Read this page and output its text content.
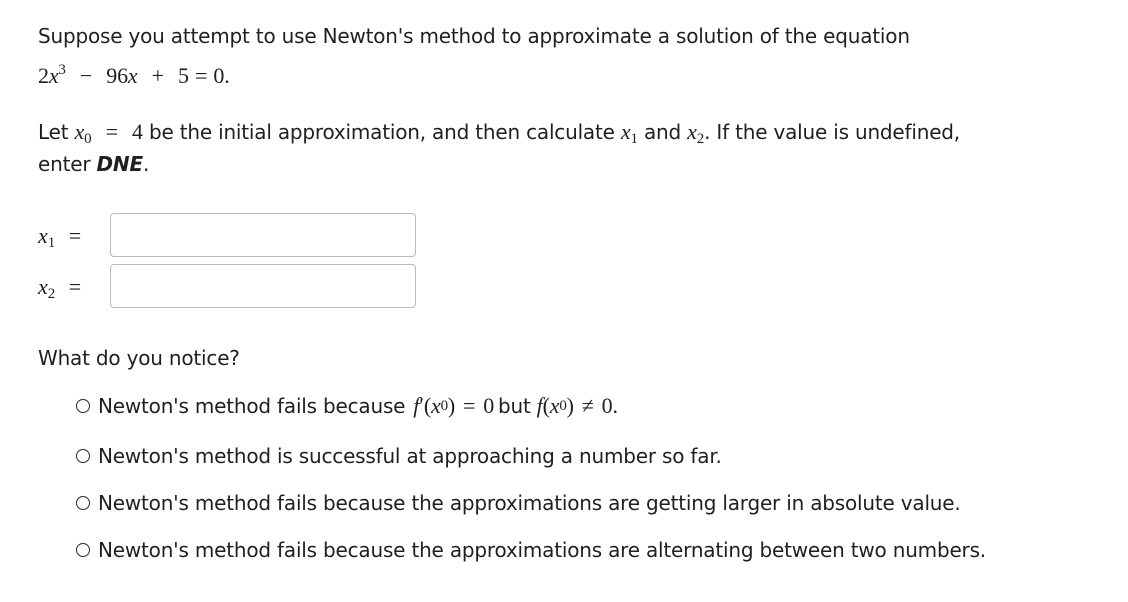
Suppose you attempt to use Newton's method to approximate a solution of the equation
$2x^3 - 96x + 5 = 0$.
Let $x_0 = 4$ be the initial approximation, and then calculate $x_1$ and $x_2$. If the value is undefined,
enter DNE.
$x_1$ =
$x_2$ =
What do you notice?
Newton's method fails because f ′ ( x 0 ) = 0 but f ( x 0 ) ≠ 0.
Newton's method is successful at approaching a number so far.
Newton's method fails because the approximations are getting larger in absolute value.
Newton's method fails because the approximations are alternating between two numbers.
